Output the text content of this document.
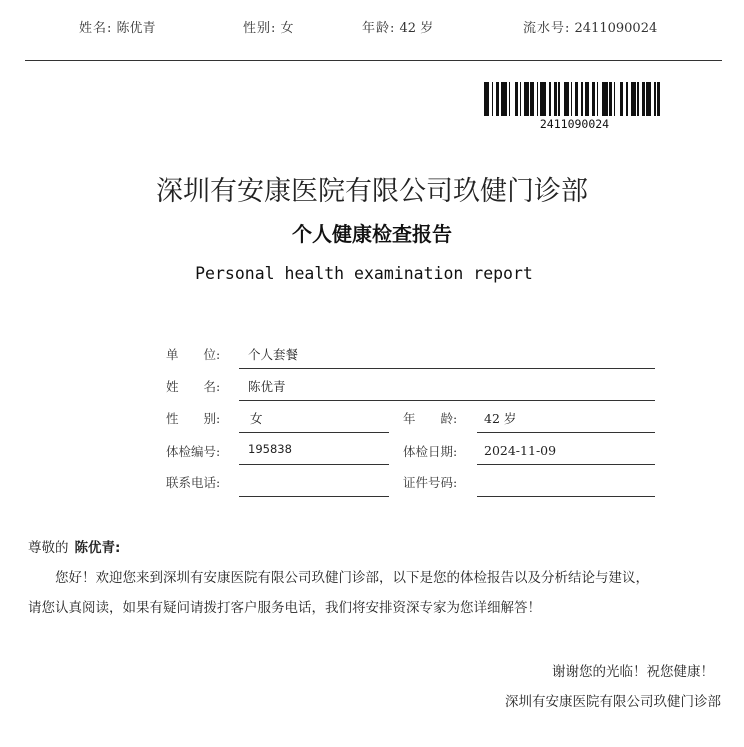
姓名: 陈优青	性别: 女	年龄: 42 岁	流水号: 2411090024
2411090024
深圳有安康医院有限公司玖健门诊部
个人健康检查报告
Personal health examination report
单　　位: 个人套餐
姓　　名: 陈优青
性　　别: 女	年　　龄: 42 岁
体检编号: 195838	体检日期: 2024-11-09
联系电话:	证件号码:
尊敬的 陈优青:
　　您好！欢迎您来到深圳有安康医院有限公司玖健门诊部，以下是您的体检报告以及分析结论与建议，
请您认真阅读，如果有疑问请拨打客户服务电话，我们将安排资深专家为您详细解答！
谢谢您的光临！祝您健康！
深圳有安康医院有限公司玖健门诊部
